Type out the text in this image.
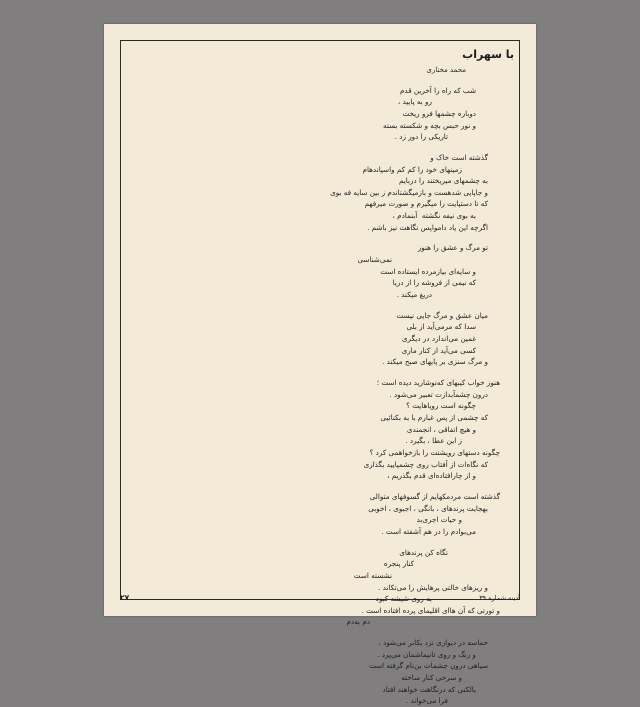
با سهراب
محمد مختاری
شب که راه را آخرین قدم
رو به پایید ،
دوباره چشمها فرو ریخت
و نور حبس بچه و شکسته بسته
تاریکی را دور زد .
گذشته است خاک و
زمینهای خود را کم کم واسپاندهام
به چشمهای میریختند را دربایم
و جاپایی شدهست و بازمیگشتاندم ز بین سایه‌ فه بوی
که تا دستپایت را میگیرم و صورت میرفهم
به بوی نیفه‌ نگشته ‌ آبنمادم ،
اگرچه این یاد دامواپس نگاهت نیز باشم .
تو مرگ و عشق را هنوز
نمی‌شناسی
و سایه‌ای بیازمرده ایستاده است
که نیمی از فروشه را از دریا
دریغ میکند .
میان عشق و مرگ جایی نیست
سدا که مرمی‌آید از بلی
غمین می‌اندازد در دیگری
کسی می‌آید از کنار ماری
و مرگ سنزی بر پایهای صبح میکند .
هنوز خواب کیبهای که‌نوشارید دیده است ؛
درون چشمآبدازت تعبیر می‌شود .
چگونه است رویاهایت ؟
که چشمی از پس غبارم با به بکنائیی
و هیچ اتفاقی ، انجمندی
ز این عطا ، بگیرد .
چگونه دستهای رویشتت را بازخواهمی کرد ؟
که نگاه‌ات از آفتاب روی چشمپایید بگذاری
و از چارافتاده‌ای قدم بگذریم ،
گذشته است مردمکهایم از گسوفهای متوالی
بهجایت پرندهای ، بانگی ، اجبوی ، اخوبی
و حیات اجری‌بد
می‌بوادم را در هم آشفته است .
نگاه کن پرندهای
کنار پنجره
نشسته است
و ریزهای خالتی پرهایش را می‌تکاند .
به روی شیشه‌ کبود
و تورتی که آن ها‌ای اقلیمای پرده افتاده است .
دم به‌دم
حماسه‌ در دیواری نزد بکابر می‌شود ،
و رنگ و روی تانیماشمان می‌پرد .
سیاهی درون چشمات بن‌نام گرفته است
و سرخی کنار ساخته
بالکنی که درنگاهت خواهند افتاد
فرا می‌خواند .
۲۷	آدینه شماره ۳۹
